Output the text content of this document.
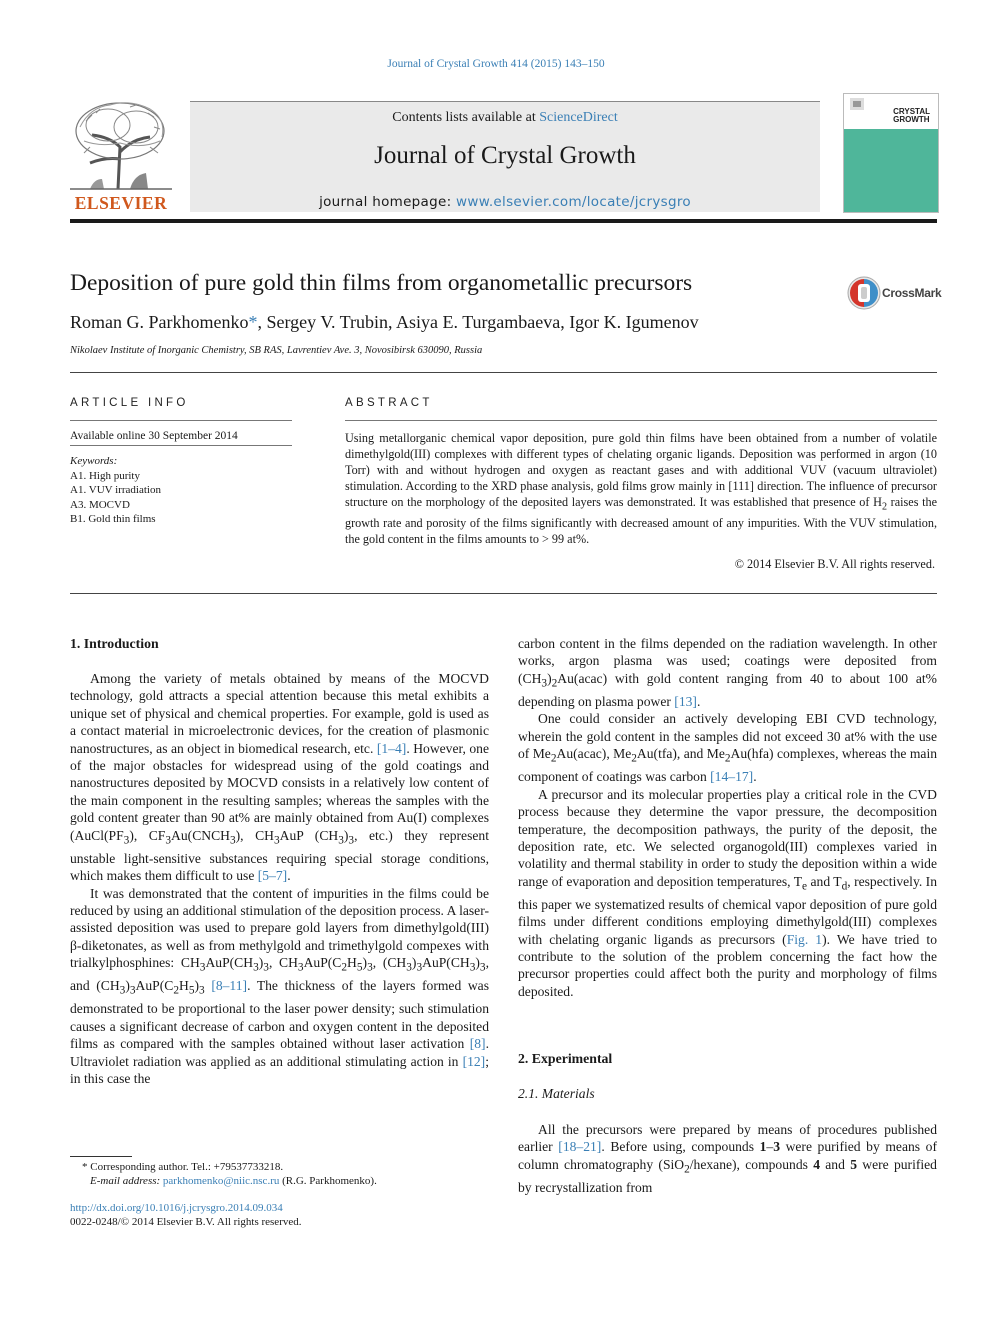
Journal of Crystal Growth 414 (2015) 143–150
ELSEVIER
Contents lists available at ScienceDirect
Journal of Crystal Growth
journal homepage: www.elsevier.com/locate/jcrysgro
CRYSTAL
GROWTH
Deposition of pure gold thin films from organometallic precursors	CrossMark
Roman G. Parkhomenko*, Sergey V. Trubin, Asiya E. Turgambaeva, Igor K. Igumenov
Nikolaev Institute of Inorganic Chemistry, SB RAS, Lavrentiev Ave. 3, Novosibirsk 630090, Russia
ARTICLE INFO
Available online 30 September 2014
Keywords:
A1. High purity
A1. VUV irradiation
A3. MOCVD
B1. Gold thin films
ABSTRACT
Using metallorganic chemical vapor deposition, pure gold thin films have been obtained from a number of volatile dimethylgold(III) complexes with different types of chelating organic ligands. Deposition was performed in argon (10 Torr) with and without hydrogen and oxygen as reactant gases and with additional VUV (vacuum ultraviolet) stimulation. According to the XRD phase analysis, gold films grow mainly in [111] direction. The influence of precursor structure on the morphology of the deposited layers was demonstrated. It was established that presence of $H_2$ raises the growth rate and porosity of the films significantly with decreased amount of any impurities. With the VUV stimulation, the gold content in the films amounts to > 99 at%.
© 2014 Elsevier B.V. All rights reserved.
1. Introduction

Among the variety of metals obtained by means of the MOCVD technology, gold attracts a special attention because this metal exhibits a unique set of physical and chemical properties. For example, gold is used as a contact material in microelectronic devices, for the creation of plasmonic nanostructures, as an object in biomedical research, etc. [1–4]. However, one of the major obstacles for widespread using of the gold coatings and nanostructures deposited by MOCVD consists in a relatively low content of the main component in the resulting samples; whereas the samples with the gold content greater than 90 at% are mainly obtained from Au(I) complexes ($AuCl(PF_3)$, $CF_3Au(CNCH_3)$, $CH_3AuP$ $(CH_3)_3$, etc.) they represent unstable light-sensitive substances requiring special storage conditions, which makes them difficult to use [5–7].

It was demonstrated that the content of impurities in the films could be reduced by using an additional stimulation of the deposition process. A laser-assisted deposition was used to prepare gold layers from dimethylgold(III) β-diketonates, as well as from methylgold and trimethylgold compexes with trialkylphosphines: $CH_3AuP(CH_3)_3$, $CH_3AuP(C_2H_5)_3$, $(CH_3)_3AuP(CH_3)_3$, and $(CH_3)_3AuP(C_2H_5)_3$ [8–11]. The thickness of the layers formed was demonstrated to be proportional to the laser power density; such stimulation causes a significant decrease of carbon and oxygen content in the deposited films as compared with the samples obtained without laser activation [8]. Ultraviolet radiation was applied as an additional stimulating action in [12]; in this case the

carbon content in the films depended on the radiation wavelength. In other works, argon plasma was used; coatings were deposited from $(CH_3)_2Au(acac)$ with gold content ranging from 40 to about 100 at% depending on plasma power [13].

One could consider an actively developing EBI CVD technology, wherein the gold content in the samples did not exceed 30 at% with the use of $Me_2Au(acac)$, $Me_2Au(tfa)$, and $Me_2Au(hfa)$ complexes, whereas the main component of coatings was carbon [14–17].

A precursor and its molecular properties play a critical role in the CVD process because they determine the vapor pressure, the decomposition temperature, the decomposition pathways, the purity of the deposit, the deposition rate, etc. We selected organogold(III) complexes varied in volatility and thermal stability in order to study the deposition within a wide range of evaporation and deposition temperatures, $T_e$ and $T_d$, respectively. In this paper we systematized results of chemical vapor deposition of pure gold films under different conditions employing dimethylgold(III) complexes with chelating organic ligands as precursors (Fig. 1). We have tried to contribute to the solution of the problem concerning the fact how the precursor properties could affect both the purity and morphology of films deposited.

2. Experimental
2.1. Materials

All the precursors were prepared by means of procedures published earlier [18–21]. Before using, compounds 1–3 were purified by means of column chromatography (SiO$_2$/hexane), compounds 4 and 5 were purified by recrystallization from

* Corresponding author. Tel.: +79537733218.
E-mail address: parkhomenko@niic.nsc.ru (R.G. Parkhomenko).
http://dx.doi.org/10.1016/j.jcrysgro.2014.09.034
0022-0248/© 2014 Elsevier B.V. All rights reserved.
